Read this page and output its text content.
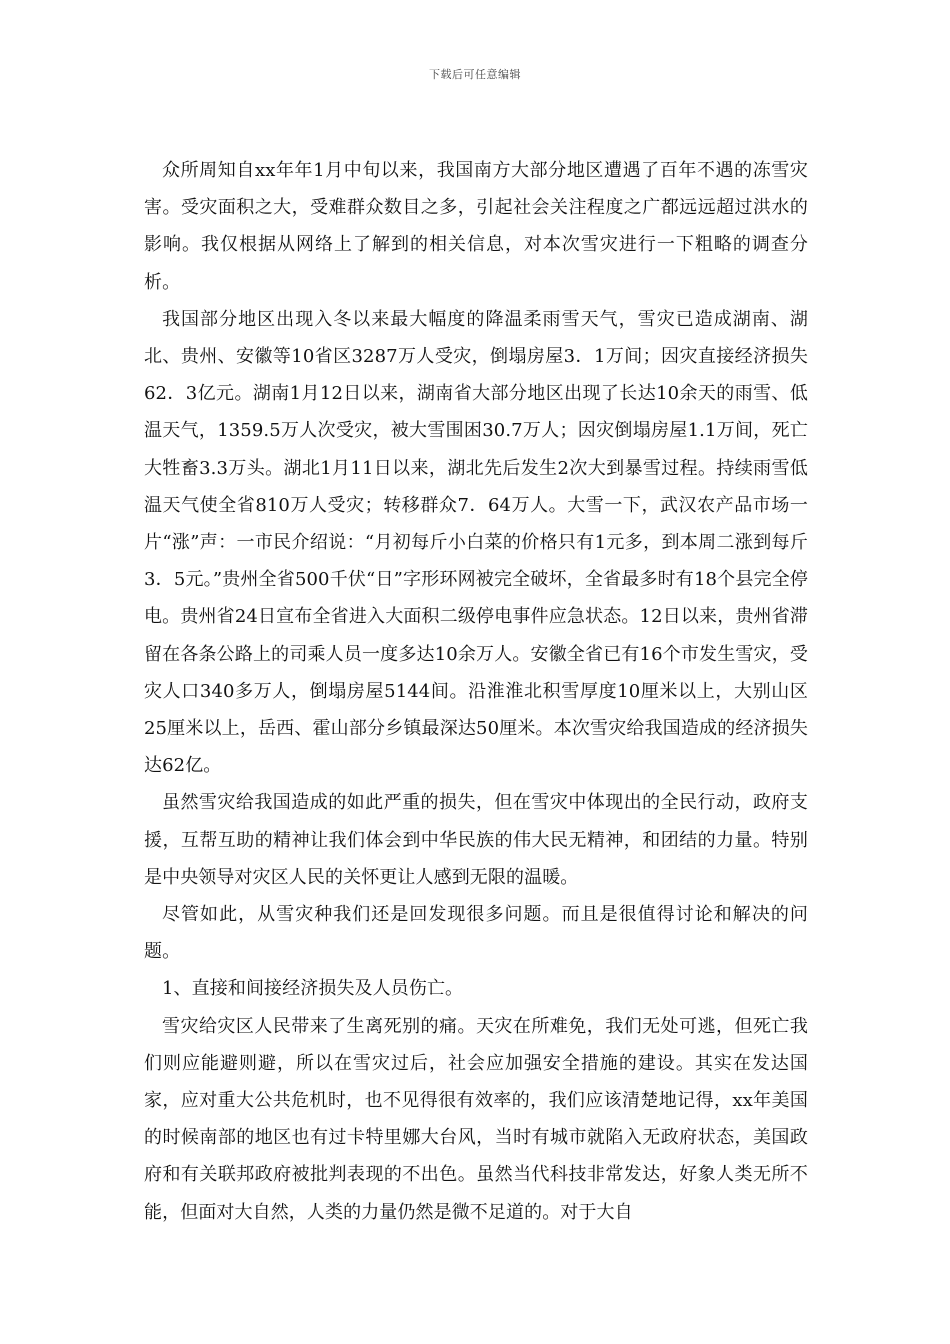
下载后可任意编辑

众所周知自xx年年1月中旬以来，我国南方大部分地区遭遇了百年不遇的冻雪灾害。受灾面积之大，受难群众数目之多，引起社会关注程度之广都远远超过洪水的影响。我仅根据从网络上了解到的相关信息，对本次雪灾进行一下粗略的调查分析。

我国部分地区出现入冬以来最大幅度的降温柔雨雪天气，雪灾已造成湖南、湖北、贵州、安徽等10省区3287万人受灾，倒塌房屋3．1万间；因灾直接经济损失62．3亿元。湖南1月12日以来，湖南省大部分地区出现了长达10余天的雨雪、低温天气，1359.5万人次受灾，被大雪围困30.7万人；因灾倒塌房屋1.1万间，死亡大牲畜3.3万头。湖北1月11日以来，湖北先后发生2次大到暴雪过程。持续雨雪低温天气使全省810万人受灾；转移群众7．64万人。大雪一下，武汉农产品市场一片“涨”声：一市民介绍说：“月初每斤小白菜的价格只有1元多，到本周二涨到每斤3．5元。”贵州全省500千伏“日”字形环网被完全破坏，全省最多时有18个县完全停电。贵州省24日宣布全省进入大面积二级停电事件应急状态。12日以来，贵州省滞留在各条公路上的司乘人员一度多达10余万人。安徽全省已有16个市发生雪灾，受灾人口340多万人，倒塌房屋5144间。沿淮淮北积雪厚度10厘米以上，大别山区25厘米以上，岳西、霍山部分乡镇最深达50厘米。本次雪灾给我国造成的经济损失达62亿。

虽然雪灾给我国造成的如此严重的损失，但在雪灾中体现出的全民行动，政府支援，互帮互助的精神让我们体会到中华民族的伟大民无精神，和团结的力量。特别是中央领导对灾区人民的关怀更让人感到无限的温暖。

尽管如此，从雪灾种我们还是回发现很多问题。而且是很值得讨论和解决的问题。

1、直接和间接经济损失及人员伤亡。

雪灾给灾区人民带来了生离死别的痛。天灾在所难免，我们无处可逃，但死亡我们则应能避则避，所以在雪灾过后，社会应加强安全措施的建设。其实在发达国家，应对重大公共危机时，也不见得很有效率的，我们应该清楚地记得，xx年美国的时候南部的地区也有过卡特里娜大台风，当时有城市就陷入无政府状态，美国政府和有关联邦政府被批判表现的不出色。虽然当代科技非常发达，好象人类无所不能，但面对大自然，人类的力量仍然是微不足道的。对于大自
